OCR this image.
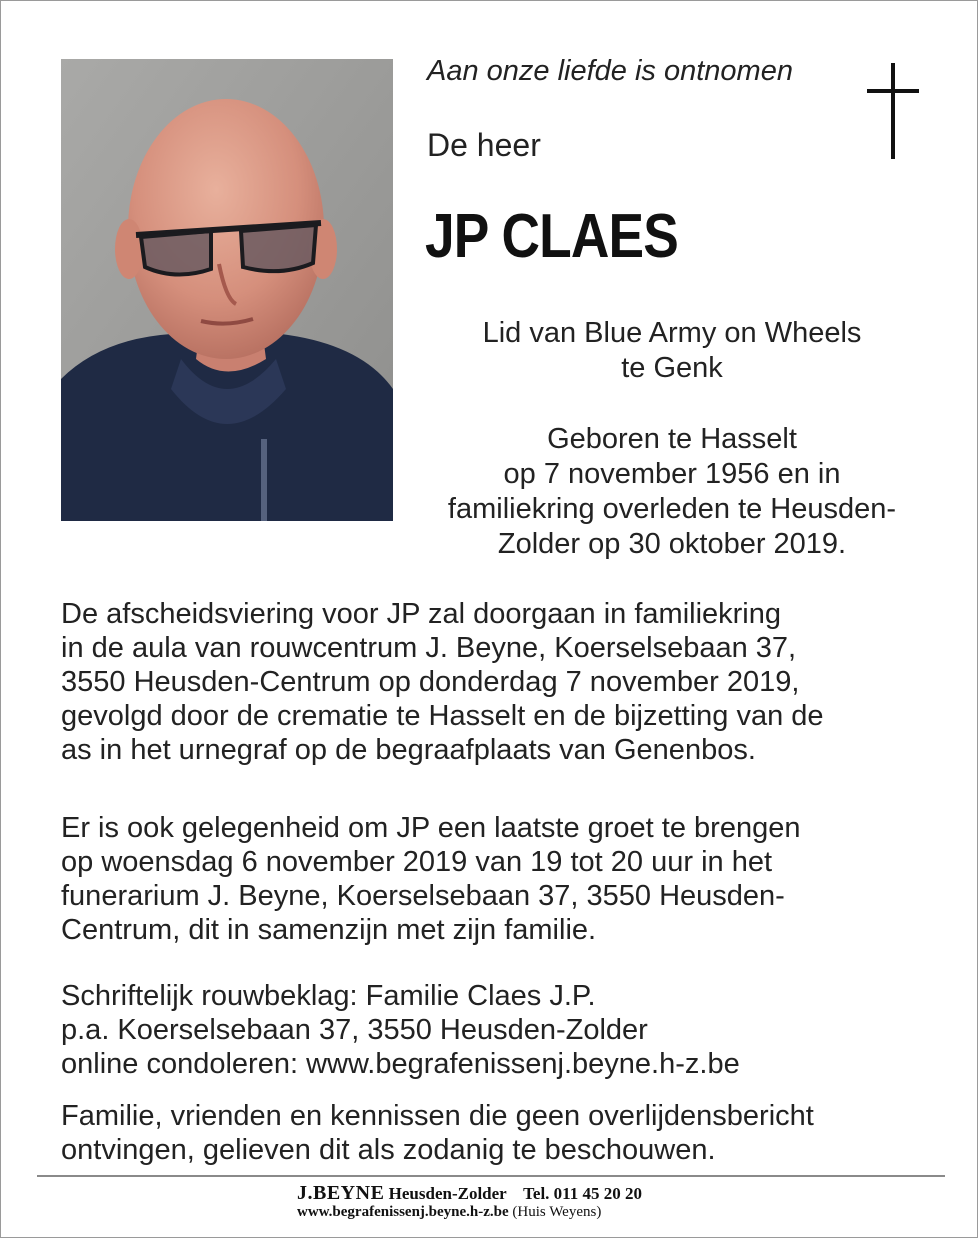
Aan onze liefde is ontnomen
De heer
JP CLAES
Lid van Blue Army on Wheels
te Genk
Geboren te Hasselt
op 7 november 1956 en in
familiekring overleden te Heusden-
Zolder op 30 oktober 2019.
De afscheidsviering voor JP zal doorgaan in familiekring
in de aula van rouwcentrum J. Beyne, Koerselsebaan 37,
3550 Heusden-Centrum op donderdag 7 november 2019,
gevolgd door de crematie te Hasselt en de bijzetting van de
as in het urnegraf op de begraafplaats van Genenbos.
Er is ook gelegenheid om JP een laatste groet te brengen
op woensdag 6 november 2019 van 19 tot 20 uur in het
funerarium J. Beyne, Koerselsebaan 37, 3550 Heusden-
Centrum, dit in samenzijn met zijn familie.
Schriftelijk rouwbeklag: Familie Claes J.P.
p.a. Koerselsebaan 37, 3550 Heusden-Zolder
online condoleren: www.begrafenissenj.beyne.h-z.be
Familie, vrienden en kennissen die geen overlijdensbericht
ontvingen, gelieven dit als zodanig te beschouwen.
J.BEYNE Heusden-Zolder Tel. 011 45 20 20
www.begrafenissenj.beyne.h-z.be (Huis Weyens)
